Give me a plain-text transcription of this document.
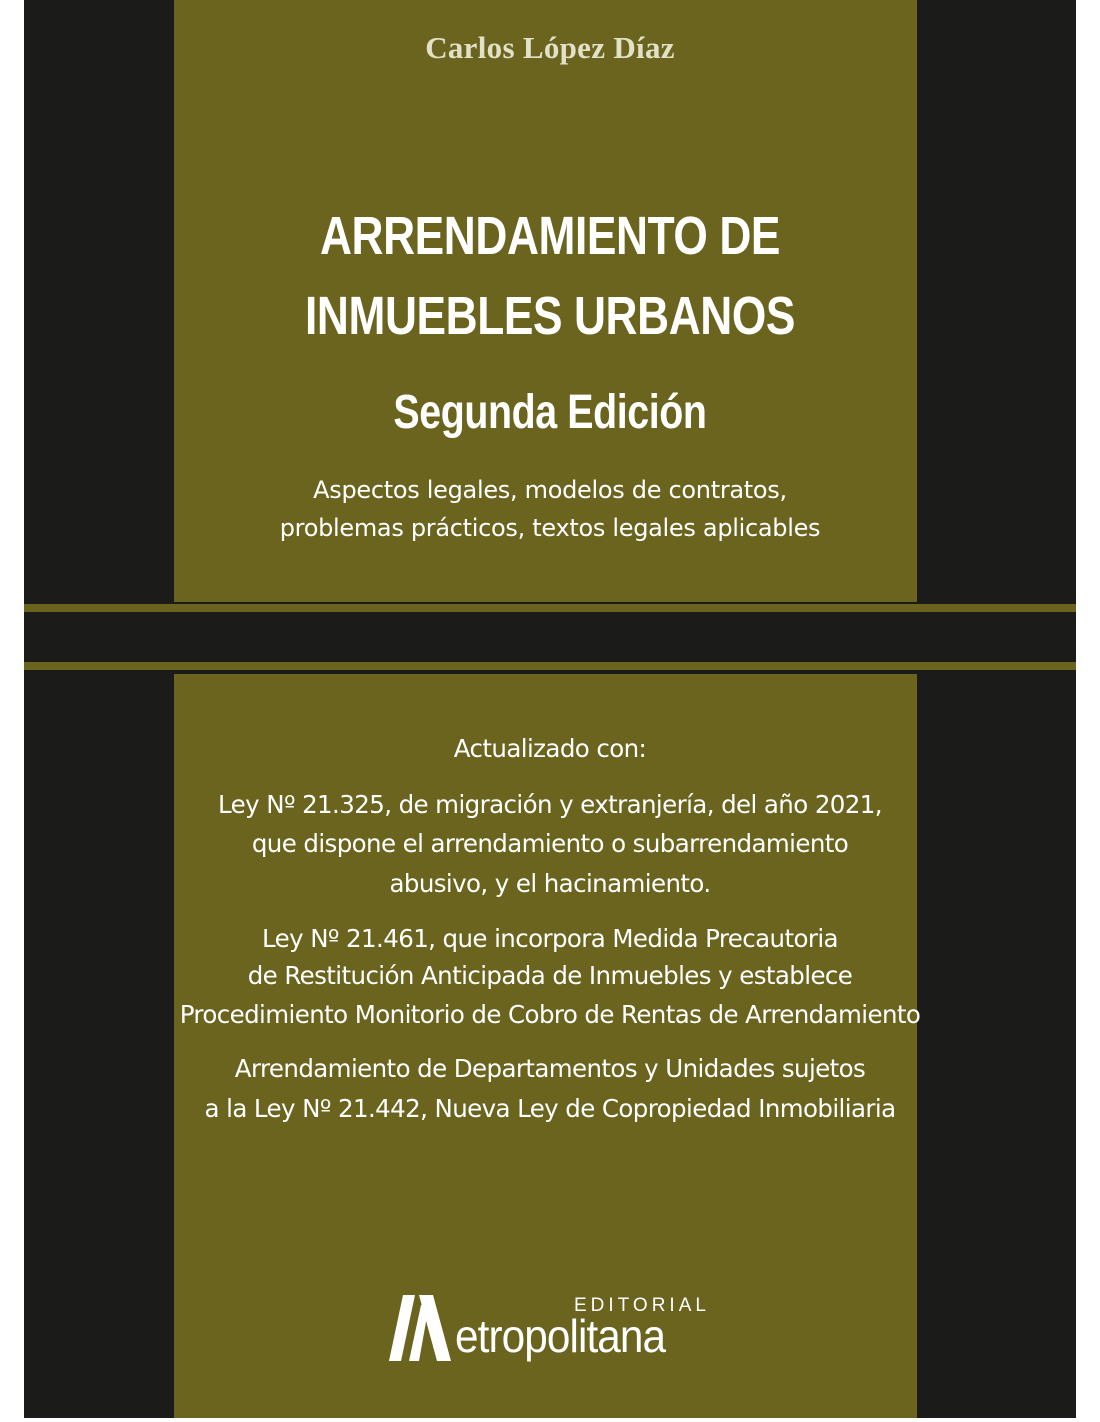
Carlos López Díaz
ARRENDAMIENTO DE
INMUEBLES URBANOS
Segunda Edición
Aspectos legales, modelos de contratos,
problemas prácticos, textos legales aplicables
Actualizado con:
Ley Nº 21.325, de migración y extranjería, del año 2021,
que dispone el arrendamiento o subarrendamiento
abusivo, y el hacinamiento.
Ley Nº 21.461, que incorpora Medida Precautoria
de Restitución Anticipada de Inmuebles y establece
Procedimiento Monitorio de Cobro de Rentas de Arrendamiento
Arrendamiento de Departamentos y Unidades sujetos
a la Ley Nº 21.442, Nueva Ley de Copropiedad Inmobiliaria
EDITORIAL
etropolitana
